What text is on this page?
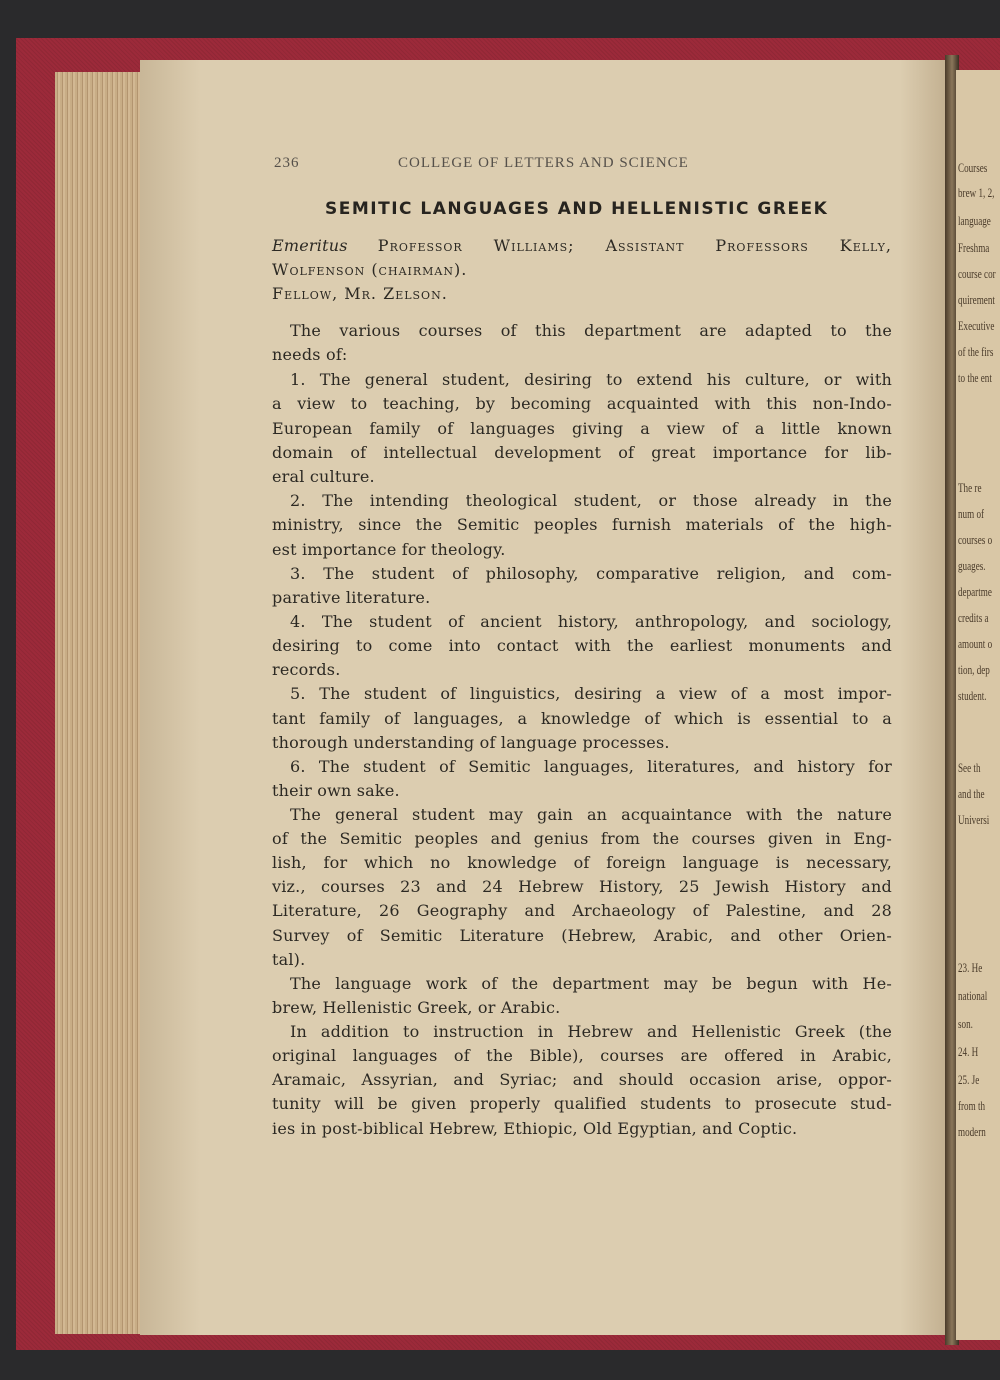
Courses
brew 1, 2,
language
Freshma
course cor
quirement
Executive
of the firs
to the ent
The re
num of
courses o
guages.
departme
credits a
amount o
tion, dep
student.
See th
and the
Universi
23. He
national
son.
24. H
25. Je
from th
modern
236	COLLEGE OF LETTERS AND SCIENCE
SEMITIC LANGUAGES AND HELLENISTIC GREEK
Emeritus Professor Williams; Assistant Professors Kelly,
Wolfenson (chairman).
Fellow, Mr. Zelson.
The various courses of this department are adapted to the
needs of:
1. The general student, desiring to extend his culture, or with
a view to teaching, by becoming acquainted with this non-Indo-
European family of languages giving a view of a little known
domain of intellectual development of great importance for lib-
eral culture.
2. The intending theological student, or those already in the
ministry, since the Semitic peoples furnish materials of the high-
est importance for theology.
3. The student of philosophy, comparative religion, and com-
parative literature.
4. The student of ancient history, anthropology, and sociology,
desiring to come into contact with the earliest monuments and
records.
5. The student of linguistics, desiring a view of a most impor-
tant family of languages, a knowledge of which is essential to a
thorough understanding of language processes.
6. The student of Semitic languages, literatures, and history for
their own sake.
The general student may gain an acquaintance with the nature
of the Semitic peoples and genius from the courses given in Eng-
lish, for which no knowledge of foreign language is necessary,
viz., courses 23 and 24 Hebrew History, 25 Jewish History and
Literature, 26 Geography and Archaeology of Palestine, and 28
Survey of Semitic Literature (Hebrew, Arabic, and other Orien-
tal).
The language work of the department may be begun with He-
brew, Hellenistic Greek, or Arabic.
In addition to instruction in Hebrew and Hellenistic Greek (the
original languages of the Bible), courses are offered in Arabic,
Aramaic, Assyrian, and Syriac; and should occasion arise, oppor-
tunity will be given properly qualified students to prosecute stud-
ies in post-biblical Hebrew, Ethiopic, Old Egyptian, and Coptic.
